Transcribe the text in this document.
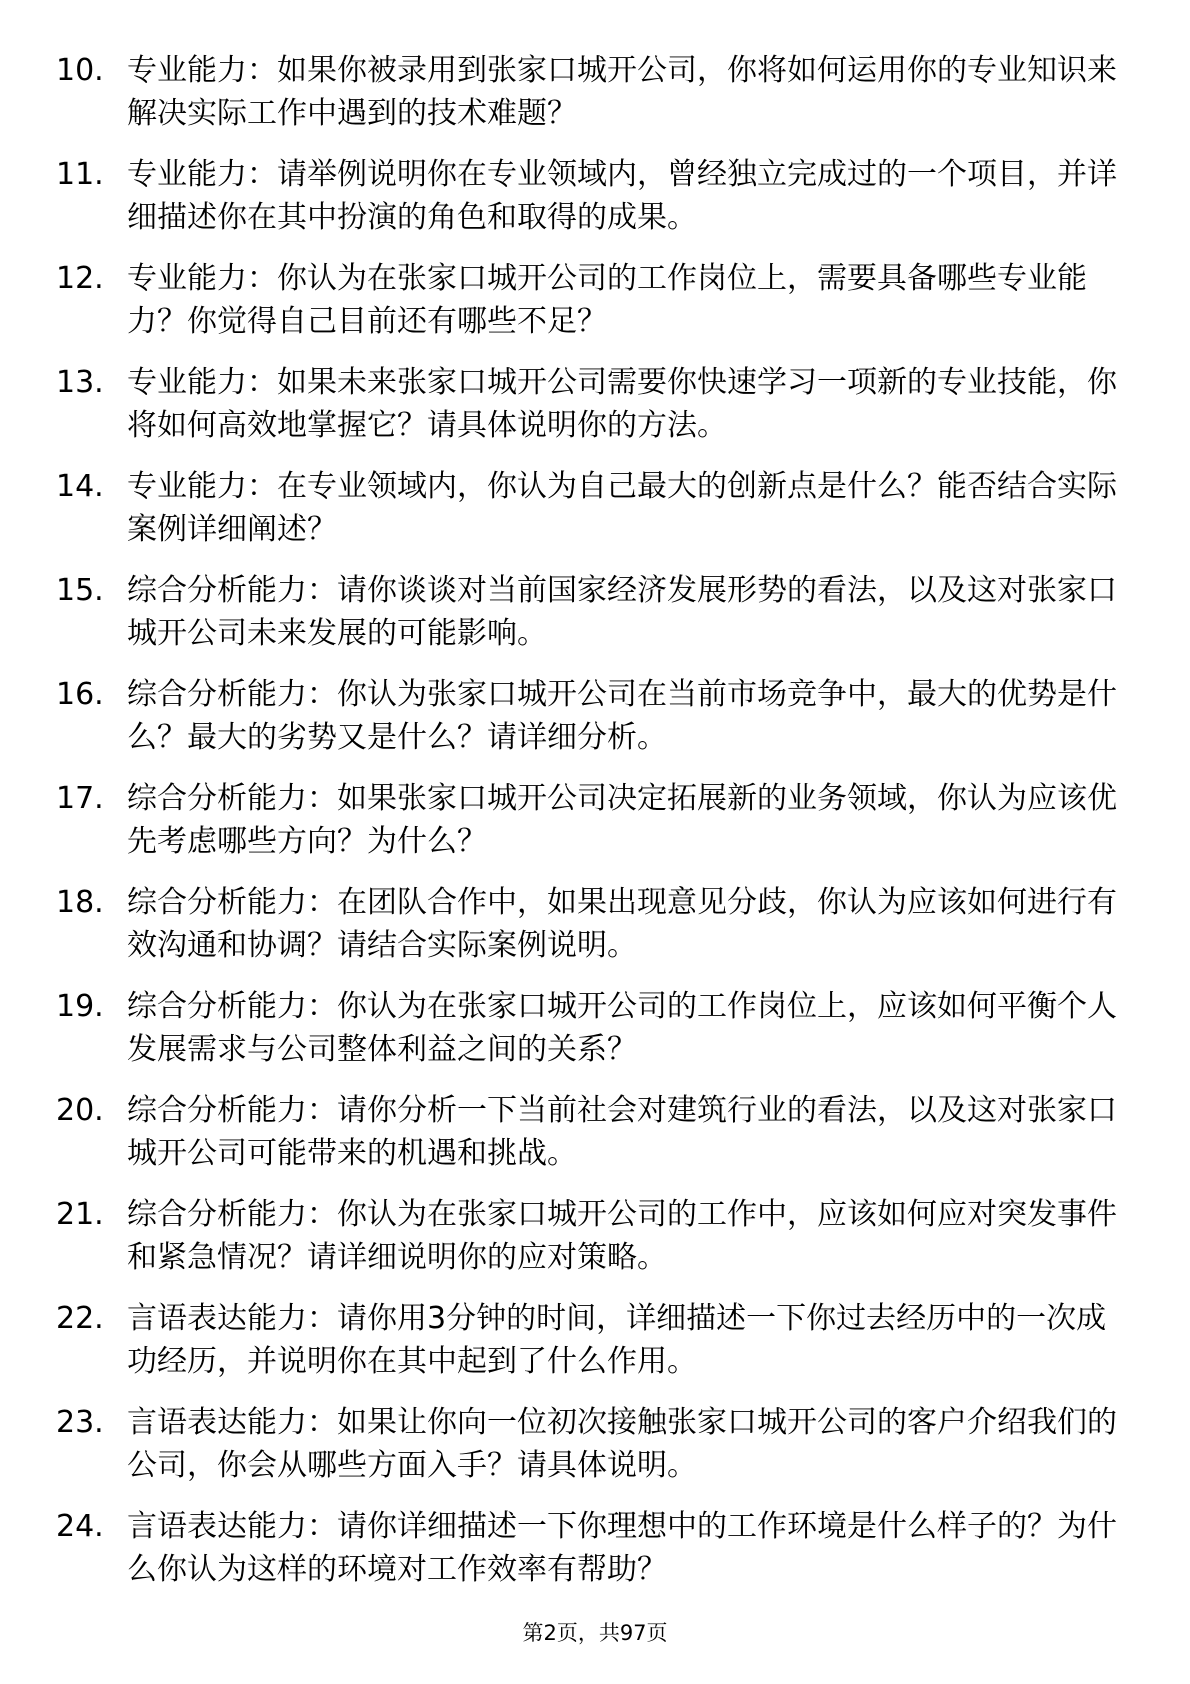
10. 专业能力：如果你被录用到张家口城开公司，你将如何运用你的专业知识来解决实际工作中遇到的技术难题？
11. 专业能力：请举例说明你在专业领域内，曾经独立完成过的一个项目，并详细描述你在其中扮演的角色和取得的成果。
12. 专业能力：你认为在张家口城开公司的工作岗位上，需要具备哪些专业能力？你觉得自己目前还有哪些不足？
13. 专业能力：如果未来张家口城开公司需要你快速学习一项新的专业技能，你将如何高效地掌握它？请具体说明你的方法。
14. 专业能力：在专业领域内，你认为自己最大的创新点是什么？能否结合实际案例详细阐述？
15. 综合分析能力：请你谈谈对当前国家经济发展形势的看法，以及这对张家口城开公司未来发展的可能影响。
16. 综合分析能力：你认为张家口城开公司在当前市场竞争中，最大的优势是什么？最大的劣势又是什么？请详细分析。
17. 综合分析能力：如果张家口城开公司决定拓展新的业务领域，你认为应该优先考虑哪些方向？为什么？
18. 综合分析能力：在团队合作中，如果出现意见分歧，你认为应该如何进行有效沟通和协调？请结合实际案例说明。
19. 综合分析能力：你认为在张家口城开公司的工作岗位上，应该如何平衡个人发展需求与公司整体利益之间的关系？
20. 综合分析能力：请你分析一下当前社会对建筑行业的看法，以及这对张家口城开公司可能带来的机遇和挑战。
21. 综合分析能力：你认为在张家口城开公司的工作中，应该如何应对突发事件和紧急情况？请详细说明你的应对策略。
22. 言语表达能力：请你用3分钟的时间，详细描述一下你过去经历中的一次成功经历，并说明你在其中起到了什么作用。
23. 言语表达能力：如果让你向一位初次接触张家口城开公司的客户介绍我们的公司，你会从哪些方面入手？请具体说明。
24. 言语表达能力：请你详细描述一下你理想中的工作环境是什么样子的？为什么你认为这样的环境对工作效率有帮助？
第2页，共97页
